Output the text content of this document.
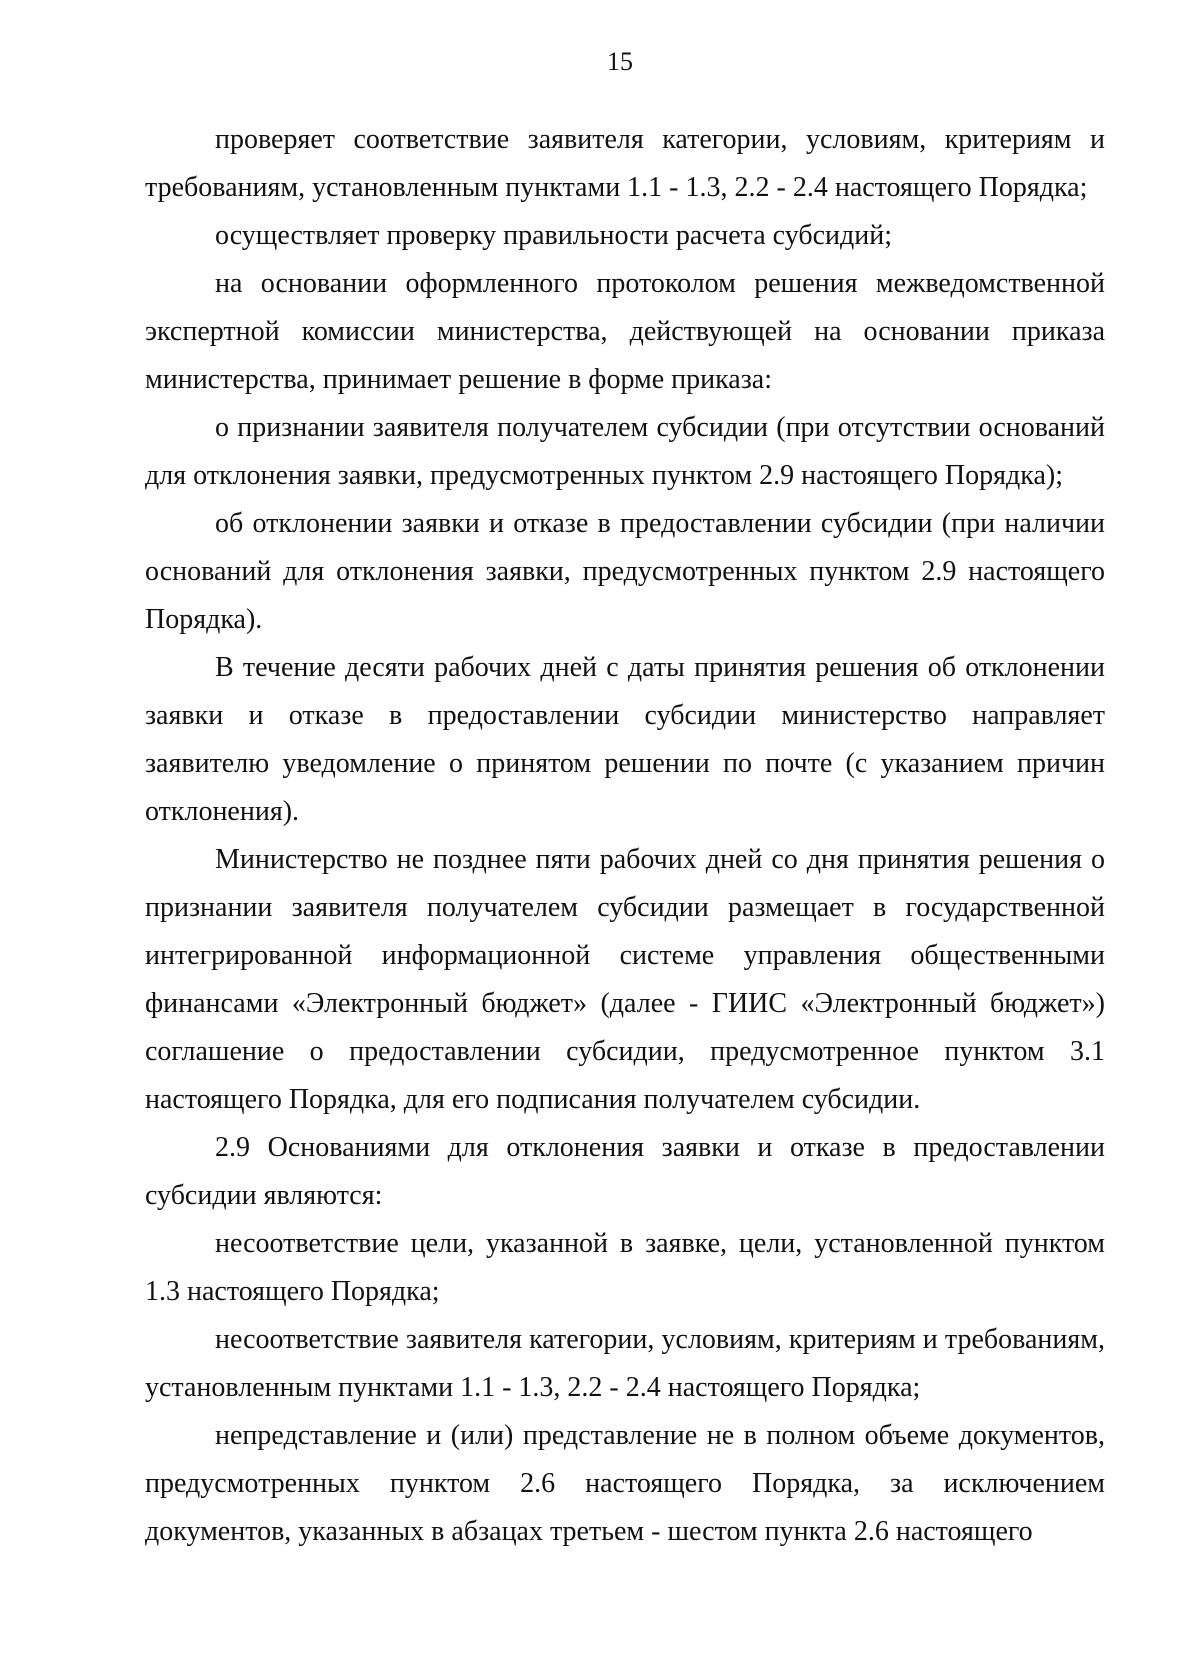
15

проверяет соответствие заявителя категории, условиям, критериям и требованиям, установленным пунктами 1.1 - 1.3, 2.2 - 2.4 настоящего Порядка;

осуществляет проверку правильности расчета субсидий;

на основании оформленного протоколом решения межведомственной экспертной комиссии министерства, действующей на основании приказа министерства, принимает решение в форме приказа:

о признании заявителя получателем субсидии (при отсутствии оснований для отклонения заявки, предусмотренных пунктом 2.9 настоящего Порядка);

об отклонении заявки и отказе в предоставлении субсидии (при наличии оснований для отклонения заявки, предусмотренных пунктом 2.9 настоящего Порядка).

В течение десяти рабочих дней с даты принятия решения об отклонении заявки и отказе в предоставлении субсидии министерство направляет заявителю уведомление о принятом решении по почте (с указанием причин отклонения).

Министерство не позднее пяти рабочих дней со дня принятия решения о признании заявителя получателем субсидии размещает в государственной интегрированной информационной системе управления общественными финансами «Электронный бюджет» (далее - ГИИС «Электронный бюджет») соглашение о предоставлении субсидии, предусмотренное пунктом 3.1 настоящего Порядка, для его подписания получателем субсидии.

2.9 Основаниями для отклонения заявки и отказе в предоставлении субсидии являются:

несоответствие цели, указанной в заявке, цели, установленной пунктом 1.3 настоящего Порядка;

несоответствие заявителя категории, условиям, критериям и требованиям, установленным пунктами 1.1 - 1.3, 2.2 - 2.4 настоящего Порядка;

непредставление и (или) представление не в полном объеме документов, предусмотренных пунктом 2.6 настоящего Порядка, за исключением документов, указанных в абзацах третьем - шестом пункта 2.6 настоящего
